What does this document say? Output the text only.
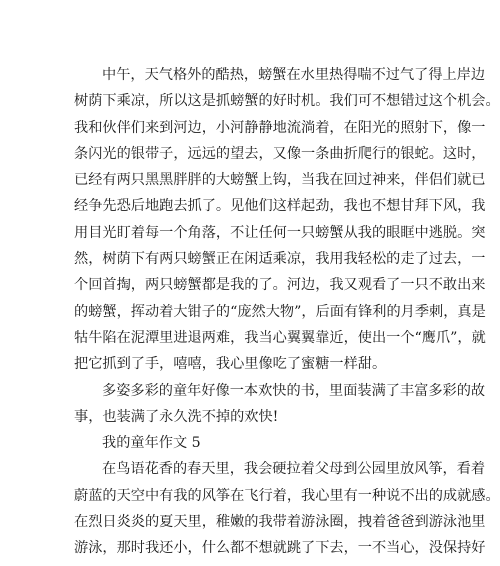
中午，天气格外的酷热，螃蟹在水里热得喘不过气了得上岸边
树荫下乘凉，所以这是抓螃蟹的好时机。我们可不想错过这个机会。
我和伙伴们来到河边，小河静静地流淌着，在阳光的照射下，像一
条闪光的银带子，远远的望去，又像一条曲折爬行的银蛇。这时，
已经有两只黑黑胖胖的大螃蟹上钩，当我在回过神来，伴侣们就已
经争先恐后地跑去抓了。见他们这样起劲，我也不想甘拜下风，我
用目光盯着每一个角落，不让任何一只螃蟹从我的眼眶中逃脱。突
然，树荫下有两只螃蟹正在闲适乘凉，我用我轻松的走了过去，一
个回首掏，两只螃蟹都是我的了。河边，我又观看了一只不敢出来
的螃蟹，挥动着大钳子的“庞然大物”，后面有锋利的月季刺，真是
牯牛陷在泥潭里进退两难，我当心翼翼靠近，使出一个“鹰爪”，就
把它抓到了手，嘻嘻，我心里像吃了蜜糖一样甜。
多姿多彩的童年好像一本欢快的书，里面装满了丰富多彩的故
事，也装满了永久洗不掉的欢快!
我的童年作文 5
在鸟语花香的春天里，我会硬拉着父母到公园里放风筝，看着
蔚蓝的天空中有我的风筝在飞行着，我心里有一种说不出的成就感。
在烈日炎炎的夏天里，稚嫩的我带着游泳圈，拽着爸爸到游泳池里
游泳，那时我还小，什么都不想就跳了下去，一不当心，没保持好
